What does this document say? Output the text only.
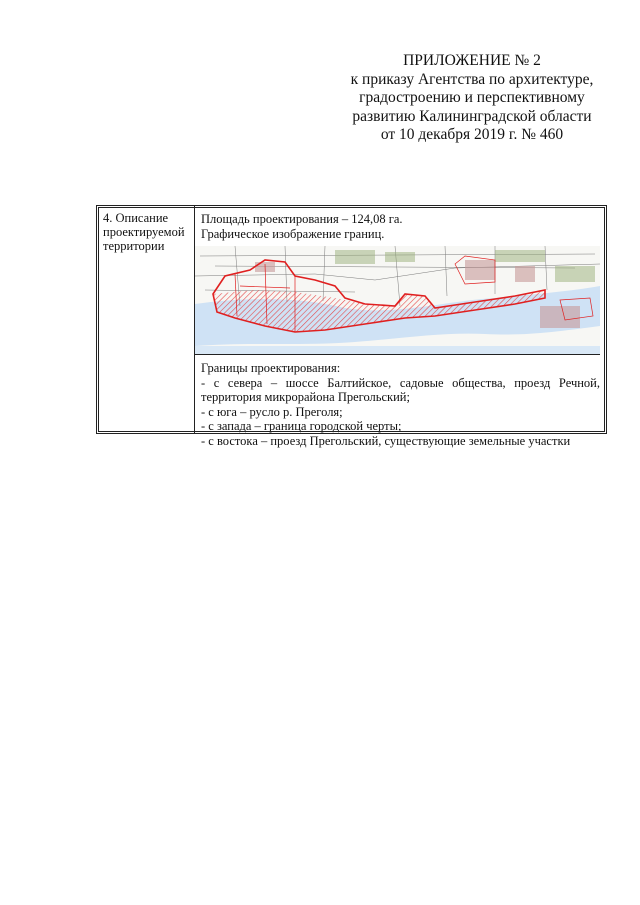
ПРИЛОЖЕНИЕ № 2
к приказу Агентства по архитектуре,
градостроению и перспективному
развитию Калининградской области
от 10 декабря 2019 г. № 460
4. Описание
проектируемой
территории

Площадь проектирования – 124,08 га.

Графическое изображение границ.

Границы проектирования:

- с севера – шоссе Балтийское, садовые общества, проезд Речной,

территория микрорайона Прегольский;

- с юга – русло р. Преголя;

- с запада – граница городской черты;

- с востока – проезд Прегольский, существующие земельные участки
